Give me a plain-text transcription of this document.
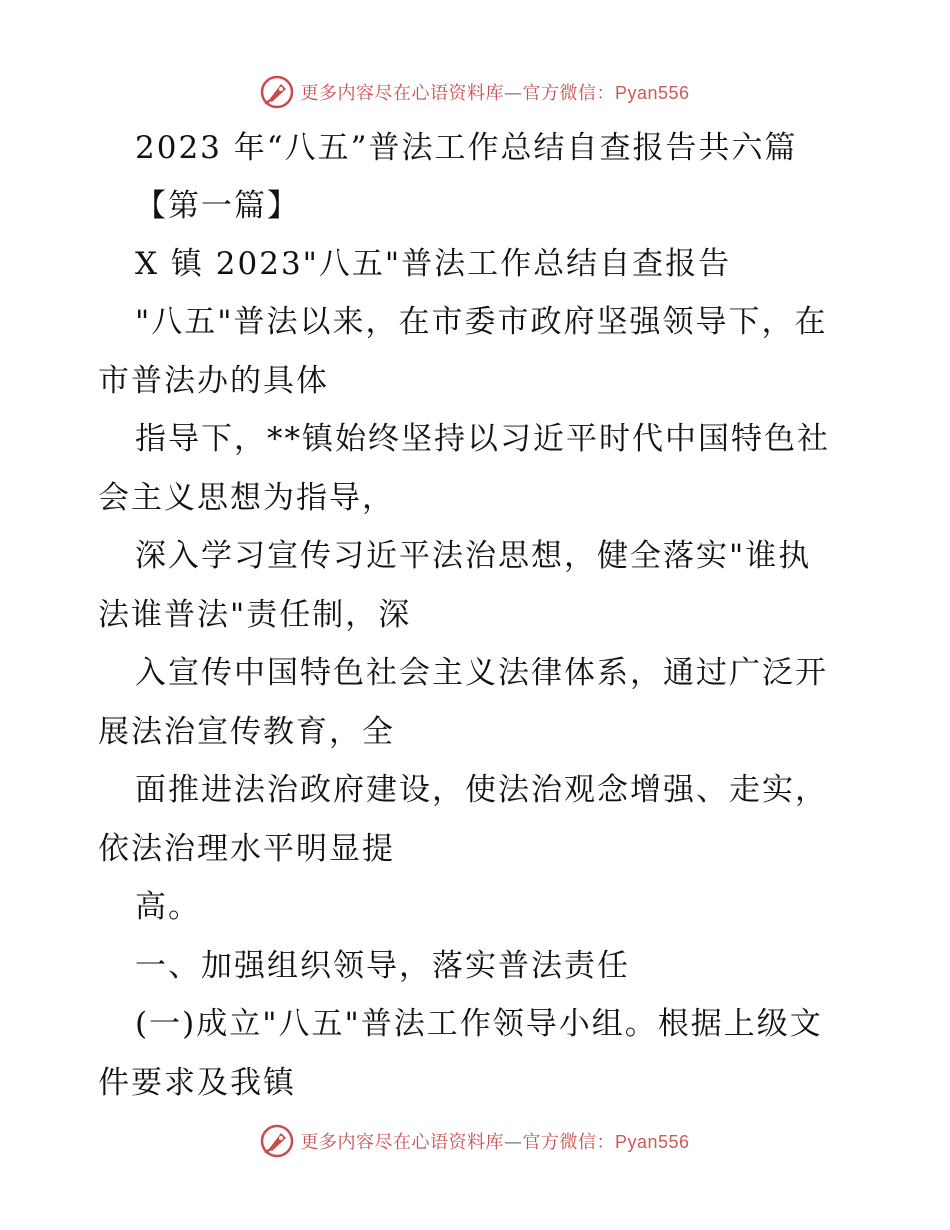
更多内容尽在心语资料库—官方微信：Pyan556
2023 年“八五”普法工作总结自查报告共六篇
【第一篇】
X 镇 2023"八五"普法工作总结自查报告
"八五"普法以来，在市委市政府坚强领导下，在
市普法办的具体
指导下，**镇始终坚持以习近平时代中国特色社
会主义思想为指导，
深入学习宣传习近平法治思想，健全落实"谁执
法谁普法"责任制，深
入宣传中国特色社会主义法律体系，通过广泛开
展法治宣传教育，全
面推进法治政府建设，使法治观念增强、走实，
依法治理水平明显提
高。
一、加强组织领导，落实普法责任
(一)成立"八五"普法工作领导小组。根据上级文
件要求及我镇
更多内容尽在心语资料库—官方微信：Pyan556
